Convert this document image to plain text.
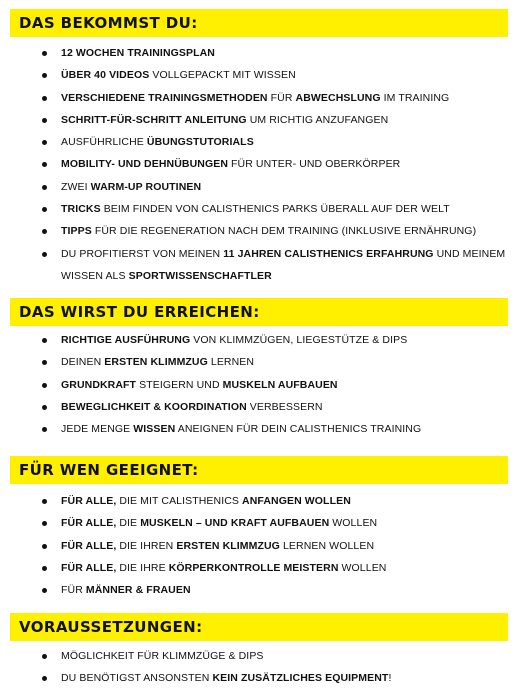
DAS BEKOMMST DU:
12 WOCHEN TRAININGSPLAN
ÜBER 40 VIDEOS VOLLGEPACKT MIT WISSEN
VERSCHIEDENE TRAININGSMETHODEN FÜR ABWECHSLUNG IM TRAINING
SCHRITT-FÜR-SCHRITT ANLEITUNG UM RICHTIG ANZUFANGEN
AUSFÜHRLICHE ÜBUNGSTUTORIALS
MOBILITY- UND DEHNÜBUNGEN FÜR UNTER- UND OBERKÖRPER
ZWEI WARM-UP ROUTINEN
TRICKS BEIM FINDEN VON CALISTHENICS PARKS ÜBERALL AUF DER WELT
TIPPS FÜR DIE REGENERATION NACH DEM TRAINING (INKLUSIVE ERNÄHRUNG)
DU PROFITIERST VON MEINEN 11 JAHREN CALISTHENICS ERFAHRUNG UND MEINEM WISSEN ALS SPORTWISSENSCHAFTLER
DAS WIRST DU ERREICHEN:
RICHTIGE AUSFÜHRUNG VON KLIMMZÜGEN, LIEGESTÜTZE & DIPS
DEINEN ERSTEN KLIMMZUG LERNEN
GRUNDKRAFT STEIGERN UND MUSKELN AUFBAUEN
BEWEGLICHKEIT & KOORDINATION VERBESSERN
JEDE MENGE WISSEN ANEIGNEN FÜR DEIN CALISTHENICS TRAINING
FÜR WEN GEEIGNET:
FÜR ALLE, DIE MIT CALISTHENICS ANFANGEN WOLLEN
FÜR ALLE, DIE MUSKELN – UND KRAFT AUFBAUEN WOLLEN
FÜR ALLE, DIE IHREN ERSTEN KLIMMZUG LERNEN WOLLEN
FÜR ALLE, DIE IHRE KÖRPERKONTROLLE MEISTERN WOLLEN
FÜR MÄNNER & FRAUEN
VORAUSSETZUNGEN:
MÖGLICHKEIT FÜR KLIMMZÜGE & DIPS
DU BENÖTIGST ANSONSTEN KEIN ZUSÄTZLICHES EQUIPMENT!
